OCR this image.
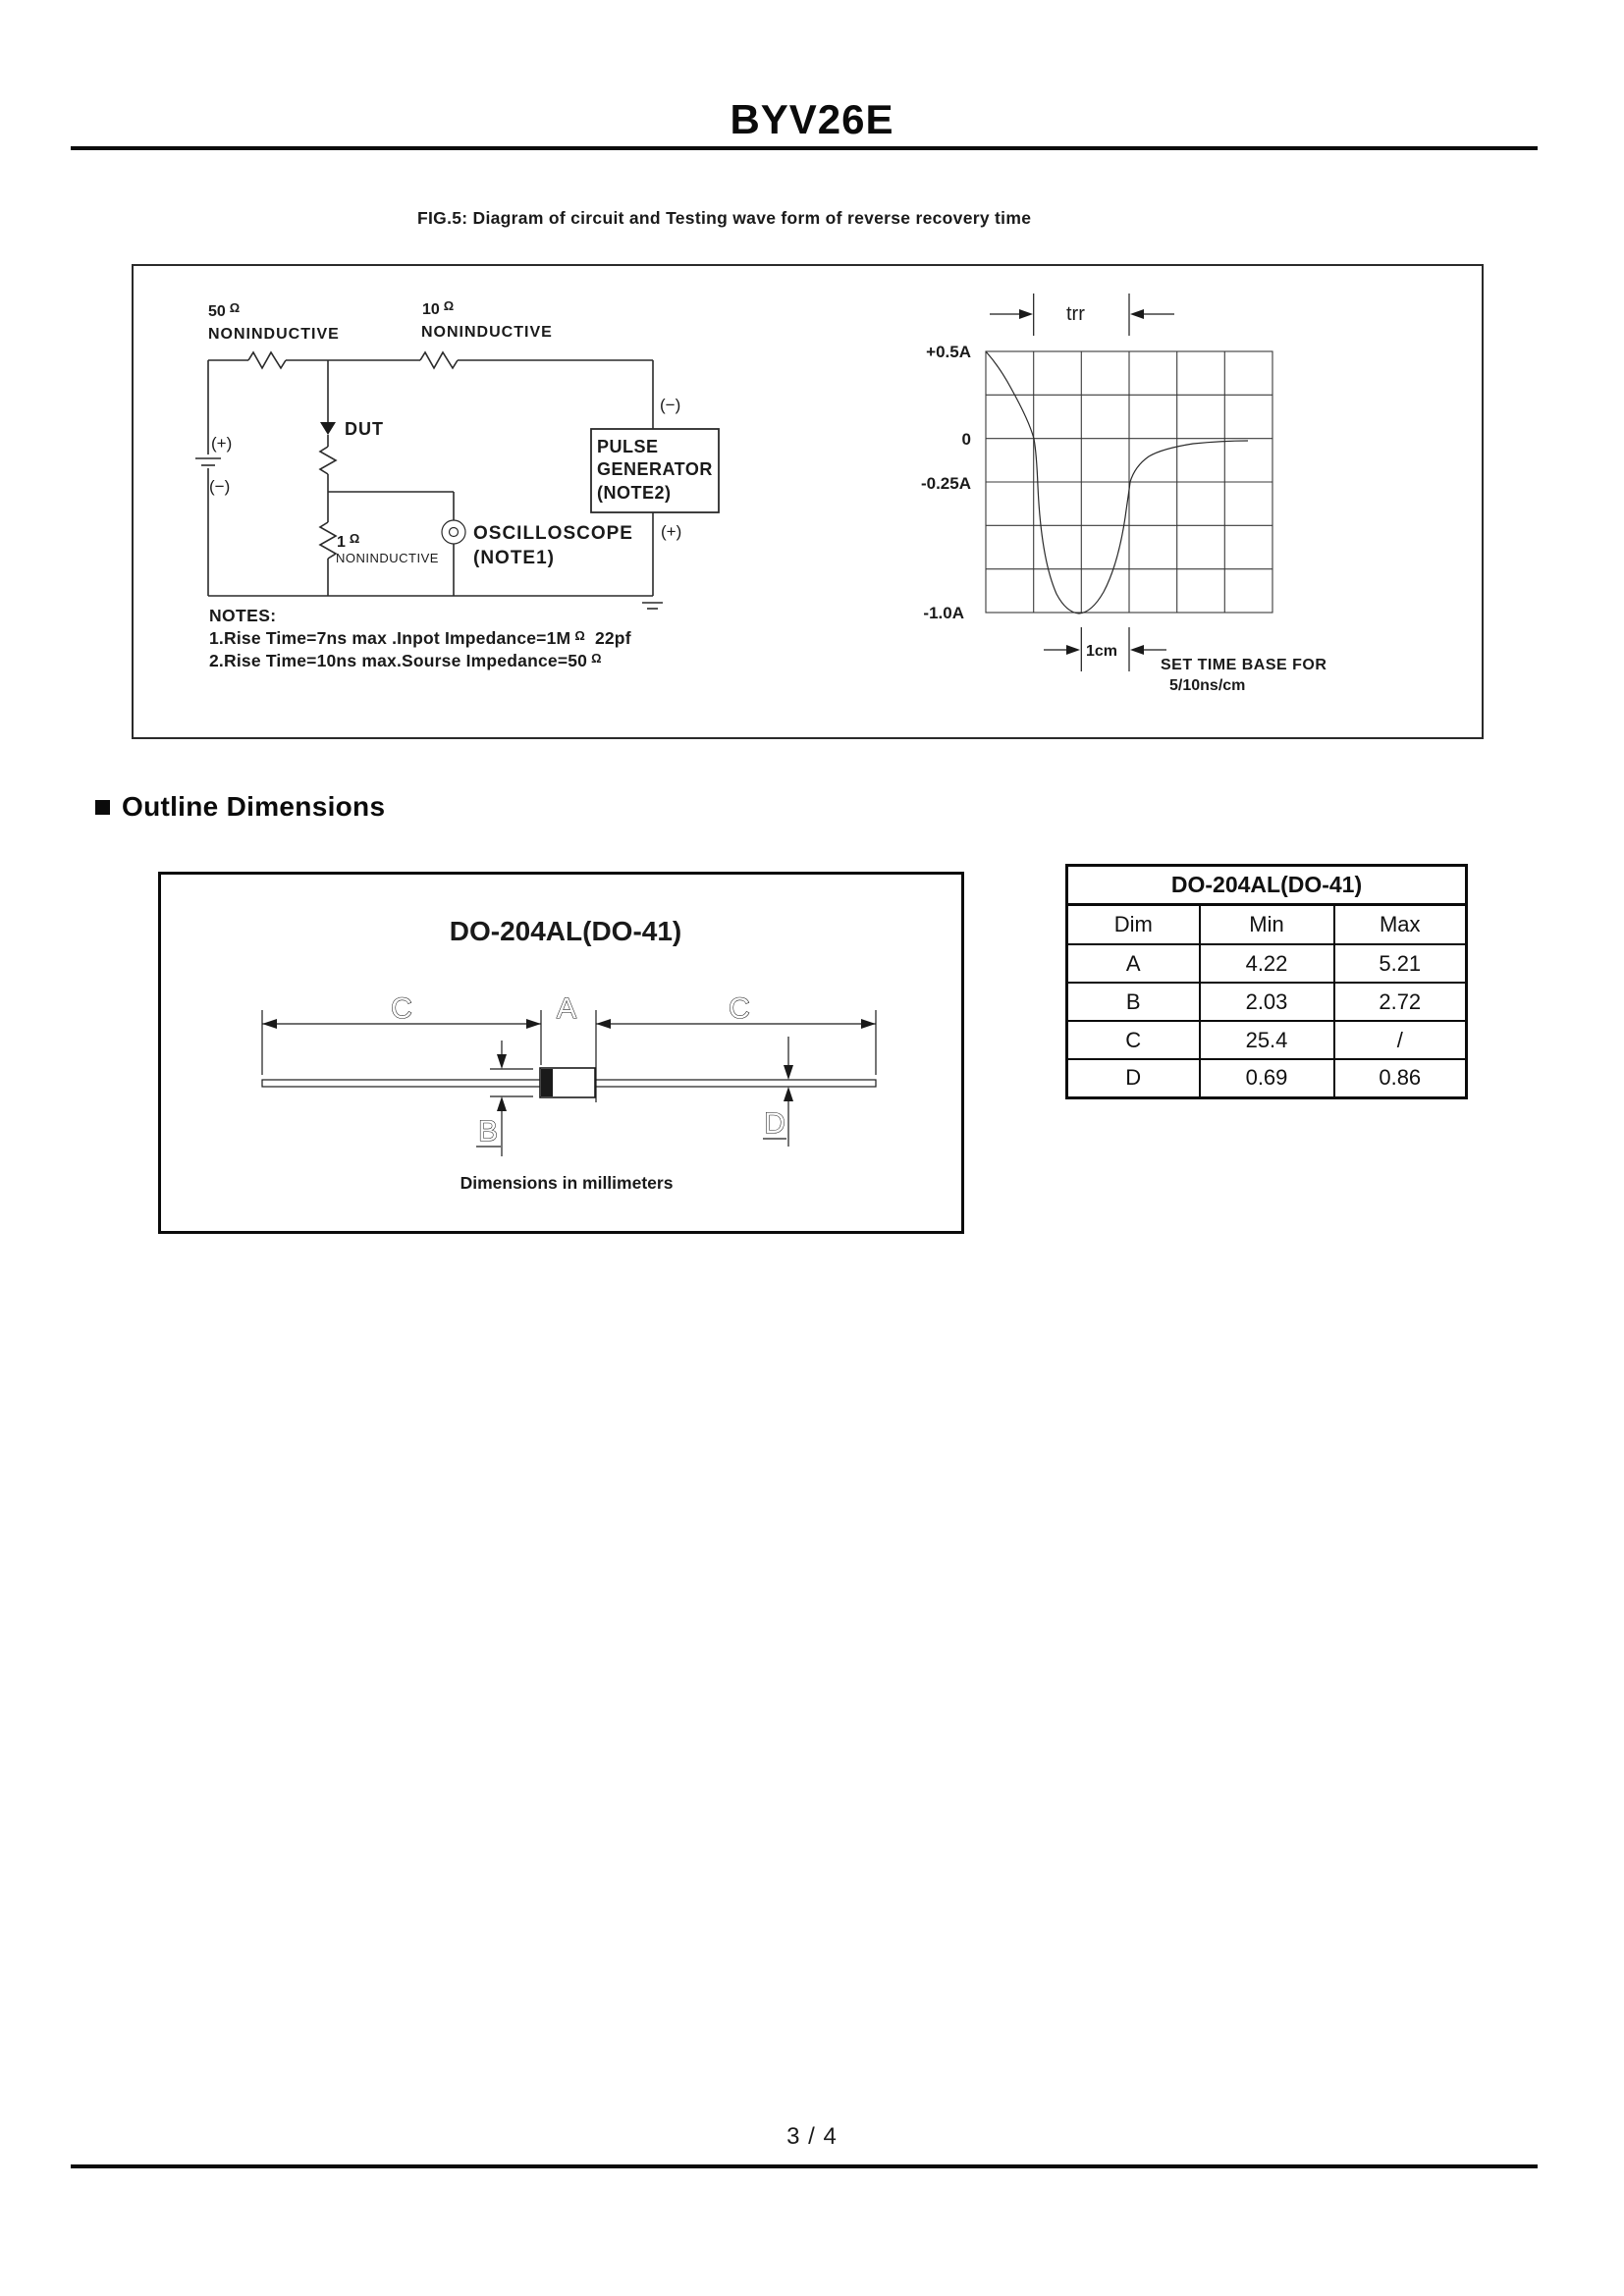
BYV26E
FIG.5: Diagram of circuit and Testing wave form of reverse recovery time
50 $^\Omega$
NONINDUCTIVE
10 $^\Omega$
NONINDUCTIVE
(+)
(−)
DUT
1 $^\Omega$
NONINDUCTIVE
OSCILLOSCOPE
(NOTE1)
PULSE
GENERATOR
(NOTE2)
(−)
(+)
NOTES:
1.Rise Time=7ns max .Inpot Impedance=1M $^\Omega$ 22pf
2.Rise Time=10ns max.Sourse Impedance=50 $^\Omega$
trr
+0.5A
0
-0.25A
-1.0A
1cm
SET TIME BASE FOR
5/10ns/cm
Outline Dimensions
DO-204AL(DO-41)
C	A	C
B	D
Dimensions in millimeters
DO-204AL(DO-41)		
Dim	Min	Max
A	4.22	5.21
B	2.03	2.72
C	25.4	/
D	0.69	0.86
3 / 4
